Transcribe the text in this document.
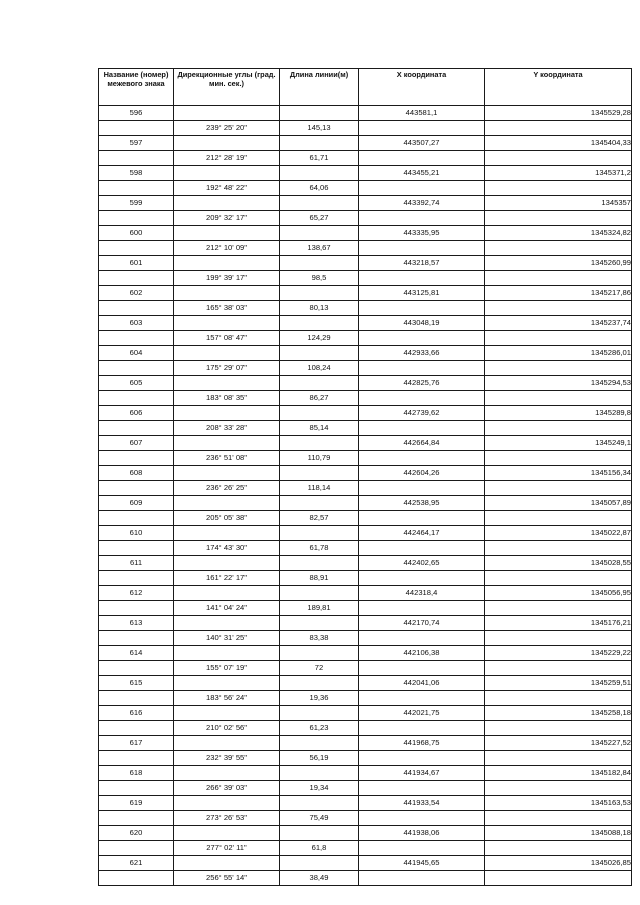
Название (номер) межевого знака	Дирекционные углы (град. мин. сек.)	Длина линии(м)	X координата	Y координата

596			443581,1	1345529,28
	239° 25' 20"	145,13		
597			443507,27	1345404,33
	212° 28' 19"	61,71		
598			443455,21	1345371,2
	192° 48' 22"	64,06		
599			443392,74	1345357
	209° 32' 17"	65,27		
600			443335,95	1345324,82
	212° 10' 09"	138,67		
601			443218,57	1345260,99
	199° 39' 17"	98,5		
602			443125,81	1345217,86
	165° 38' 03"	80,13		
603			443048,19	1345237,74
	157° 08' 47"	124,29		
604			442933,66	1345286,01
	175° 29' 07"	108,24		
605			442825,76	1345294,53
	183° 08' 35"	86,27		
606			442739,62	1345289,8
	208° 33' 28"	85,14		
607			442664,84	1345249,1
	236° 51' 08"	110,79		
608			442604,26	1345156,34
	236° 26' 25"	118,14		
609			442538,95	1345057,89
	205° 05' 38"	82,57		
610			442464,17	1345022,87
	174° 43' 30"	61,78		
611			442402,65	1345028,55
	161° 22' 17"	88,91		
612			442318,4	1345056,95
	141° 04' 24"	189,81		
613			442170,74	1345176,21
	140° 31' 25"	83,38		
614			442106,38	1345229,22
	155° 07' 19"	72		
615			442041,06	1345259,51
	183° 56' 24"	19,36		
616			442021,75	1345258,18
	210° 02' 56"	61,23		
617			441968,75	1345227,52
	232° 39' 55"	56,19		
618			441934,67	1345182,84
	266° 39' 03"	19,34		
619			441933,54	1345163,53
	273° 26' 53"	75,49		
620			441938,06	1345088,18
	277° 02' 11"	61,8		
621			441945,65	1345026,85
	256° 55' 14"	38,49		
